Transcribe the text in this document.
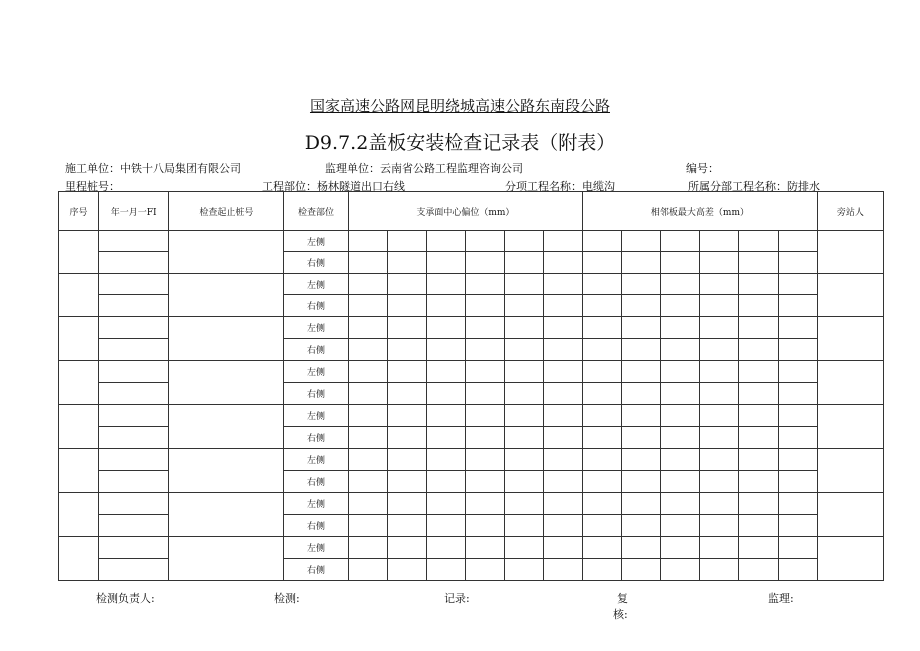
国家高速公路网昆明绕城高速公路东南段公路
D9.7.2盖板安装检查记录表（附表）
施工单位：中铁十八局集团有限公司	监理单位：云南省公路工程监理咨询公司	编号：
里程桩号：	工程部位：杨林隧道出口右线	分项工程名称：电缆沟	所属分部工程名称：防排水
序号	年一月一FI	检查起止桩号	检查部位	支承面中心偏位（mm）						相邻板最大高差（mm）						旁站人
			左侧													
			右侧													
			左侧													
			右侧													
			左侧													
			右侧													
			左侧													
			右侧													
			左侧													
			右侧													
			左侧													
			右侧													
			左侧													
			右侧													
			左侧													
			右侧													
检测负责人:	检测:	记录:	复
核:
监理:
